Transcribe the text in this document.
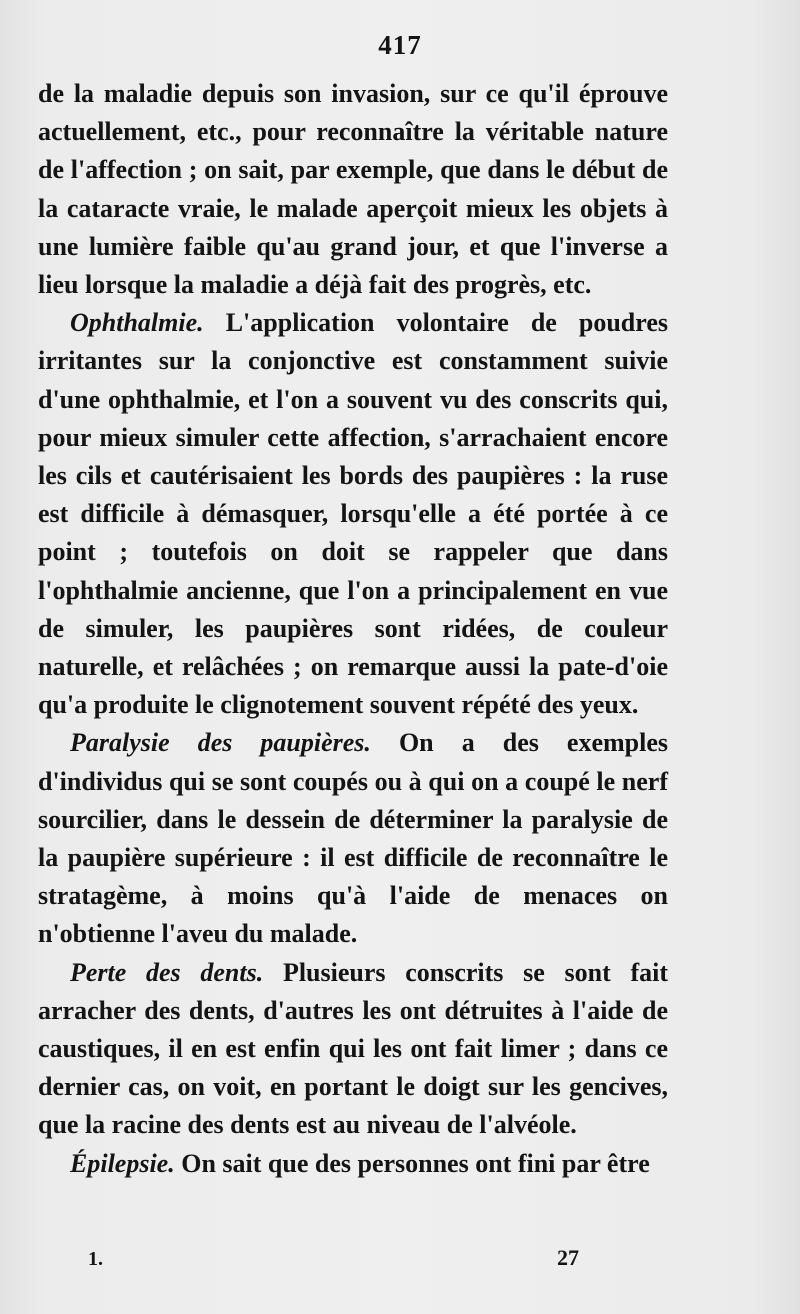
417

de la maladie depuis son invasion, sur ce qu'il éprouve actuellement, etc., pour reconnaître la véritable nature de l'affection ; on sait, par exemple, que dans le début de la cataracte vraie, le malade aperçoit mieux les objets à une lumière faible qu'au grand jour, et que l'inverse a lieu lorsque la maladie a déjà fait des progrès, etc.

Ophthalmie. L'application volontaire de poudres irritantes sur la conjonctive est constamment suivie d'une ophthalmie, et l'on a souvent vu des conscrits qui, pour mieux simuler cette affection, s'arrachaient encore les cils et cautérisaient les bords des paupières : la ruse est difficile à démasquer, lorsqu'elle a été portée à ce point ; toutefois on doit se rappeler que dans l'ophthalmie ancienne, que l'on a principalement en vue de simuler, les paupières sont ridées, de couleur naturelle, et relâchées ; on remarque aussi la pate-d'oie qu'a produite le clignotement souvent répété des yeux.

Paralysie des paupières. On a des exemples d'individus qui se sont coupés ou à qui on a coupé le nerf sourcilier, dans le dessein de déterminer la paralysie de la paupière supérieure : il est difficile de reconnaître le stratagème, à moins qu'à l'aide de menaces on n'obtienne l'aveu du malade.

Perte des dents. Plusieurs conscrits se sont fait arracher des dents, d'autres les ont détruites à l'aide de caustiques, il en est enfin qui les ont fait limer ; dans ce dernier cas, on voit, en portant le doigt sur les gencives, que la racine des dents est au niveau de l'alvéole.

Épilepsie. On sait que des personnes ont fini par être

1.	27
